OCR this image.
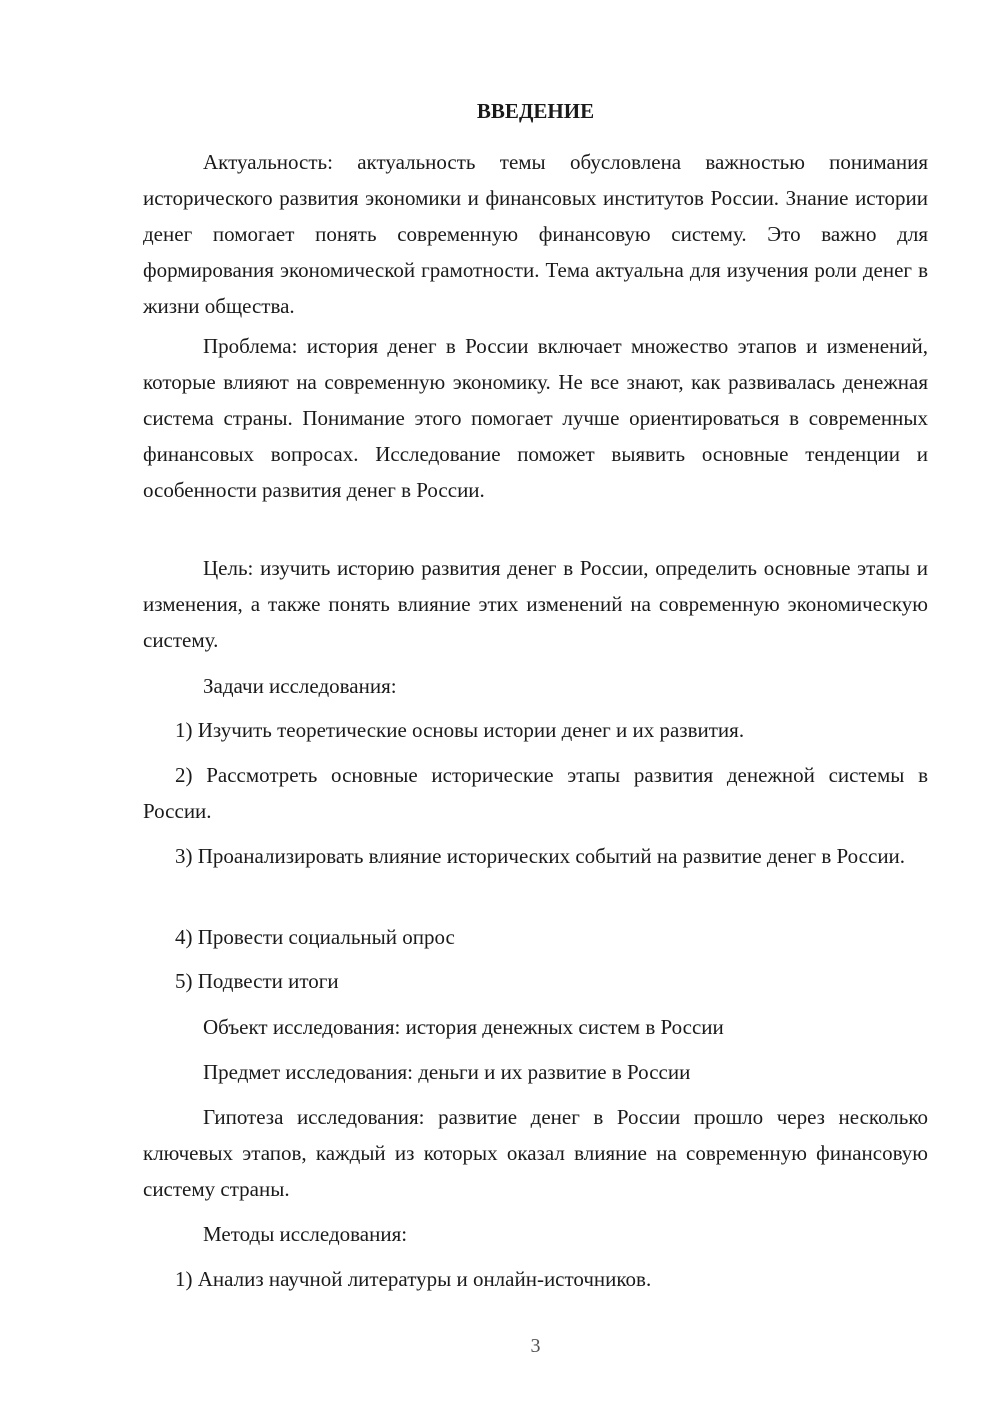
ВВЕДЕНИЕ

Актуальность: актуальность темы обусловлена важностью понимания исторического развития экономики и финансовых институтов России. Знание истории денег помогает понять современную финансовую систему. Это важно для формирования экономической грамотности. Тема актуальна для изучения роли денег в жизни общества.

Проблема: история денег в России включает множество этапов и изменений, которые влияют на современную экономику. Не все знают, как развивалась денежная система страны. Понимание этого помогает лучше ориентироваться в современных финансовых вопросах. Исследование поможет выявить основные тенденции и особенности развития денег в России.

Цель: изучить историю развития денег в России, определить основные этапы и изменения, а также понять влияние этих изменений на современную экономическую систему.

Задачи исследования:

1) Изучить теоретические основы истории денег и их развития.

2) Рассмотреть основные исторические этапы развития денежной системы в России.

3) Проанализировать влияние исторических событий на развитие денег в России.

4) Провести социальный опрос

5) Подвести итоги

Объект исследования: история денежных систем в России

Предмет исследования: деньги и их развитие в России

Гипотеза исследования: развитие денег в России прошло через несколько ключевых этапов, каждый из которых оказал влияние на современную финансовую систему страны.

Методы исследования:

1) Анализ научной литературы и онлайн-источников.

3
